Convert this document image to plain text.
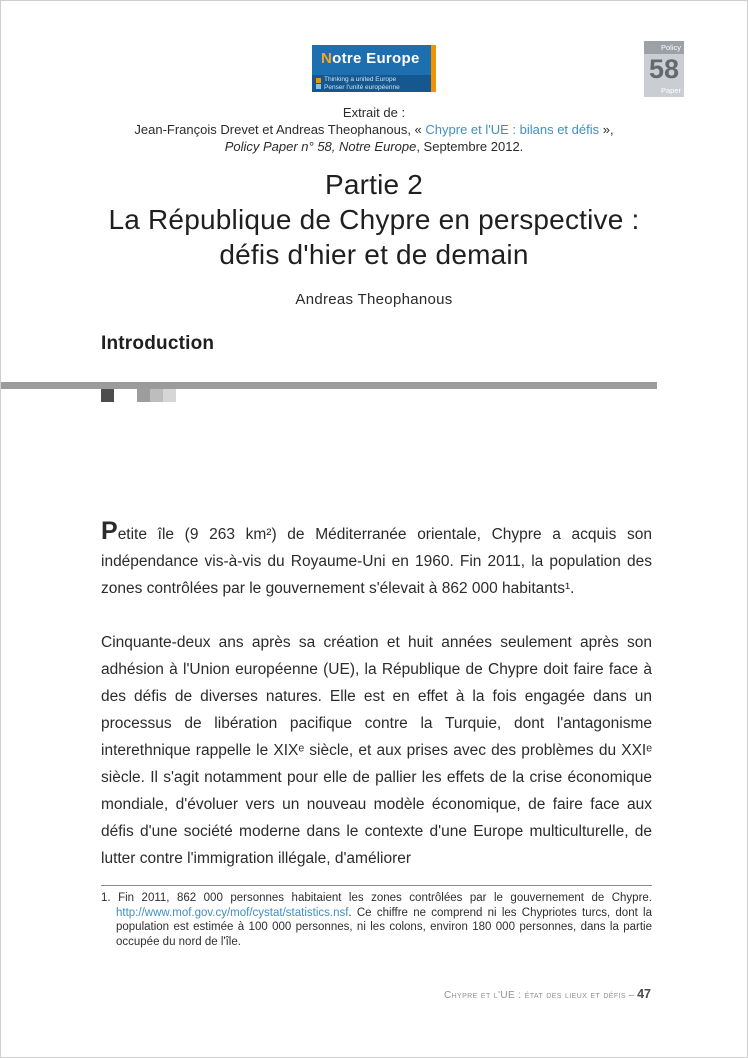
Notre Europe
Thinking a united Europe
Penser l'unité européenne
Policy
58
Paper
Extrait de :
Jean-François Drevet et Andreas Theophanous, « Chypre et l'UE : bilans et défis »,
Policy Paper n° 58, Notre Europe, Septembre 2012.
Partie 2
La République de Chypre en perspective :
défis d'hier et de demain
Andreas Theophanous
Introduction

Petite île (9 263 km²) de Méditerranée orientale, Chypre a acquis son indépendance vis-à-vis du Royaume-Uni en 1960. Fin 2011, la population des zones contrôlées par le gouvernement s'élevait à 862 000 habitants¹.

Cinquante-deux ans après sa création et huit années seulement après son adhésion à l'Union européenne (UE), la République de Chypre doit faire face à des défis de diverses natures. Elle est en effet à la fois engagée dans un processus de libération pacifique contre la Turquie, dont l'antagonisme interethnique rappelle le XIXᵉ siècle, et aux prises avec des problèmes du XXIᵉ siècle. Il s'agit notamment pour elle de pallier les effets de la crise économique mondiale, d'évoluer vers un nouveau modèle économique, de faire face aux défis d'une société moderne dans le contexte d'une Europe multiculturelle, de lutter contre l'immigration illégale, d'améliorer

1. Fin 2011, 862 000 personnes habitaient les zones contrôlées par le gouvernement de Chypre. http://www.mof.gov.cy/mof/cystat/statistics.nsf. Ce chiffre ne comprend ni les Chypriotes turcs, dont la population est estimée à 100 000 personnes, ni les colons, environ 180 000 personnes, dans la partie occupée du nord de l'île.
Chypre et l'UE : état des lieux et défis – 47
